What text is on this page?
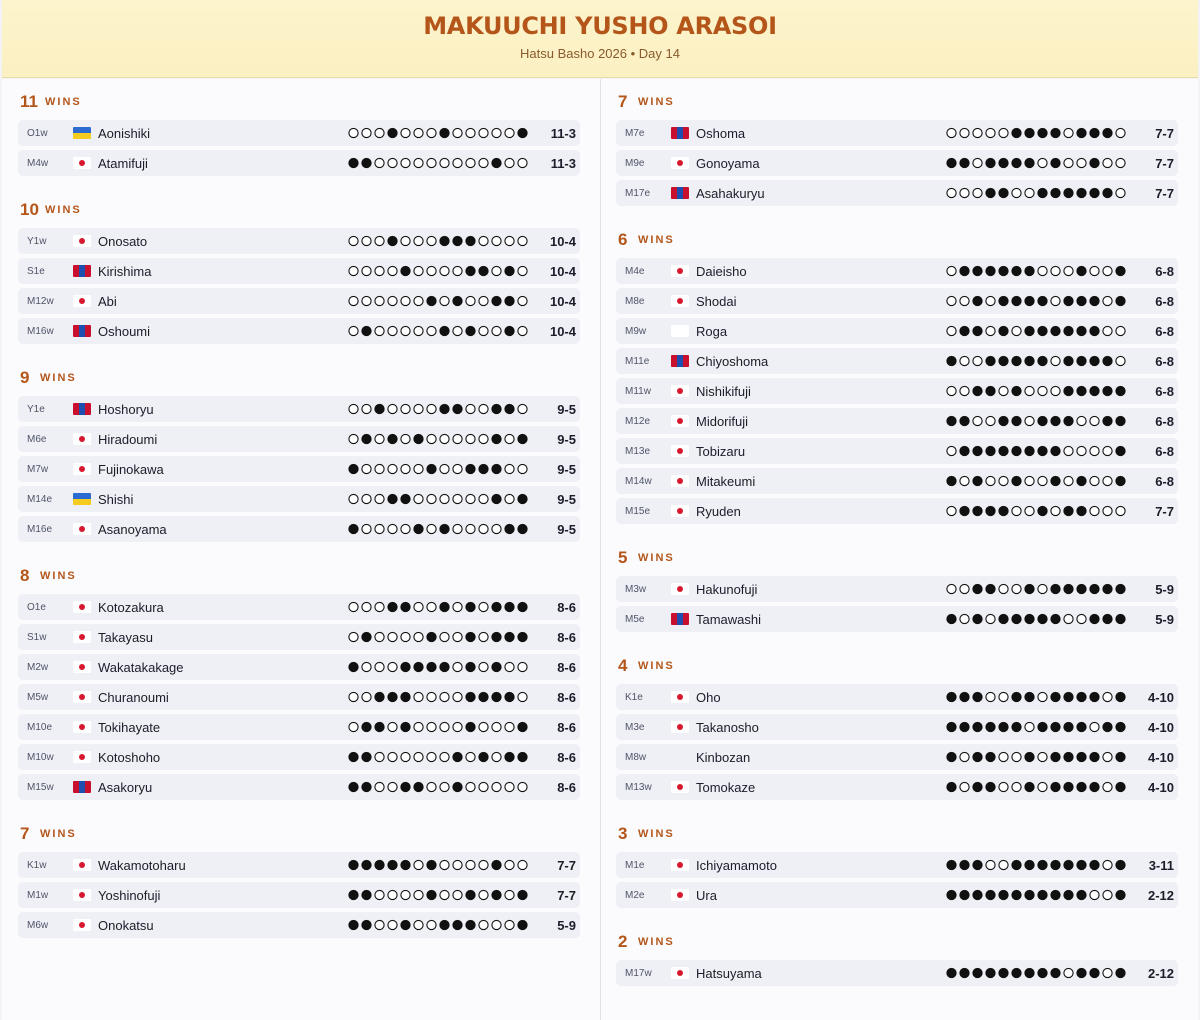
MAKUUCHI YUSHO ARASOI
Hatsu Basho 2026 • Day 14
11 WINS
O1w	Aonishiki	11-3
M4w	Atamifuji	11-3
10 WINS
Y1w	Onosato	10-4
S1e	Kirishima	10-4
M12w	Abi	10-4
M16w	Oshoumi	10-4
9 WINS
Y1e	Hoshoryu	9-5
M6e	Hiradoumi	9-5
M7w	Fujinokawa	9-5
M14e	Shishi	9-5
M16e	Asanoyama	9-5
8 WINS
O1e	Kotozakura	8-6
S1w	Takayasu	8-6
M2w	Wakatakakage	8-6
M5w	Churanoumi	8-6
M10e	Tokihayate	8-6
M10w	Kotoshoho	8-6
M15w	Asakoryu	8-6
7 WINS
K1w	Wakamotoharu	7-7
M1w	Yoshinofuji	7-7
M6w	Onokatsu	5-9
7 WINS
M7e	Oshoma	7-7
M9e	Gonoyama	7-7
M17e	Asahakuryu	7-7
6 WINS
M4e	Daieisho	6-8
M8e	Shodai	6-8
M9w	Roga	6-8
M11e	Chiyoshoma	6-8
M11w	Nishikifuji	6-8
M12e	Midorifuji	6-8
M13e	Tobizaru	6-8
M14w	Mitakeumi	6-8
M15e	Ryuden	7-7
5 WINS
M3w	Hakunofuji	5-9
M5e	Tamawashi	5-9
4 WINS
K1e	Oho	4-10
M3e	Takanosho	4-10
M8w	Kinbozan	4-10
M13w	Tomokaze	4-10
3 WINS
M1e	Ichiyamamoto	3-11
M2e	Ura	2-12
2 WINS
M17w	Hatsuyama	2-12
